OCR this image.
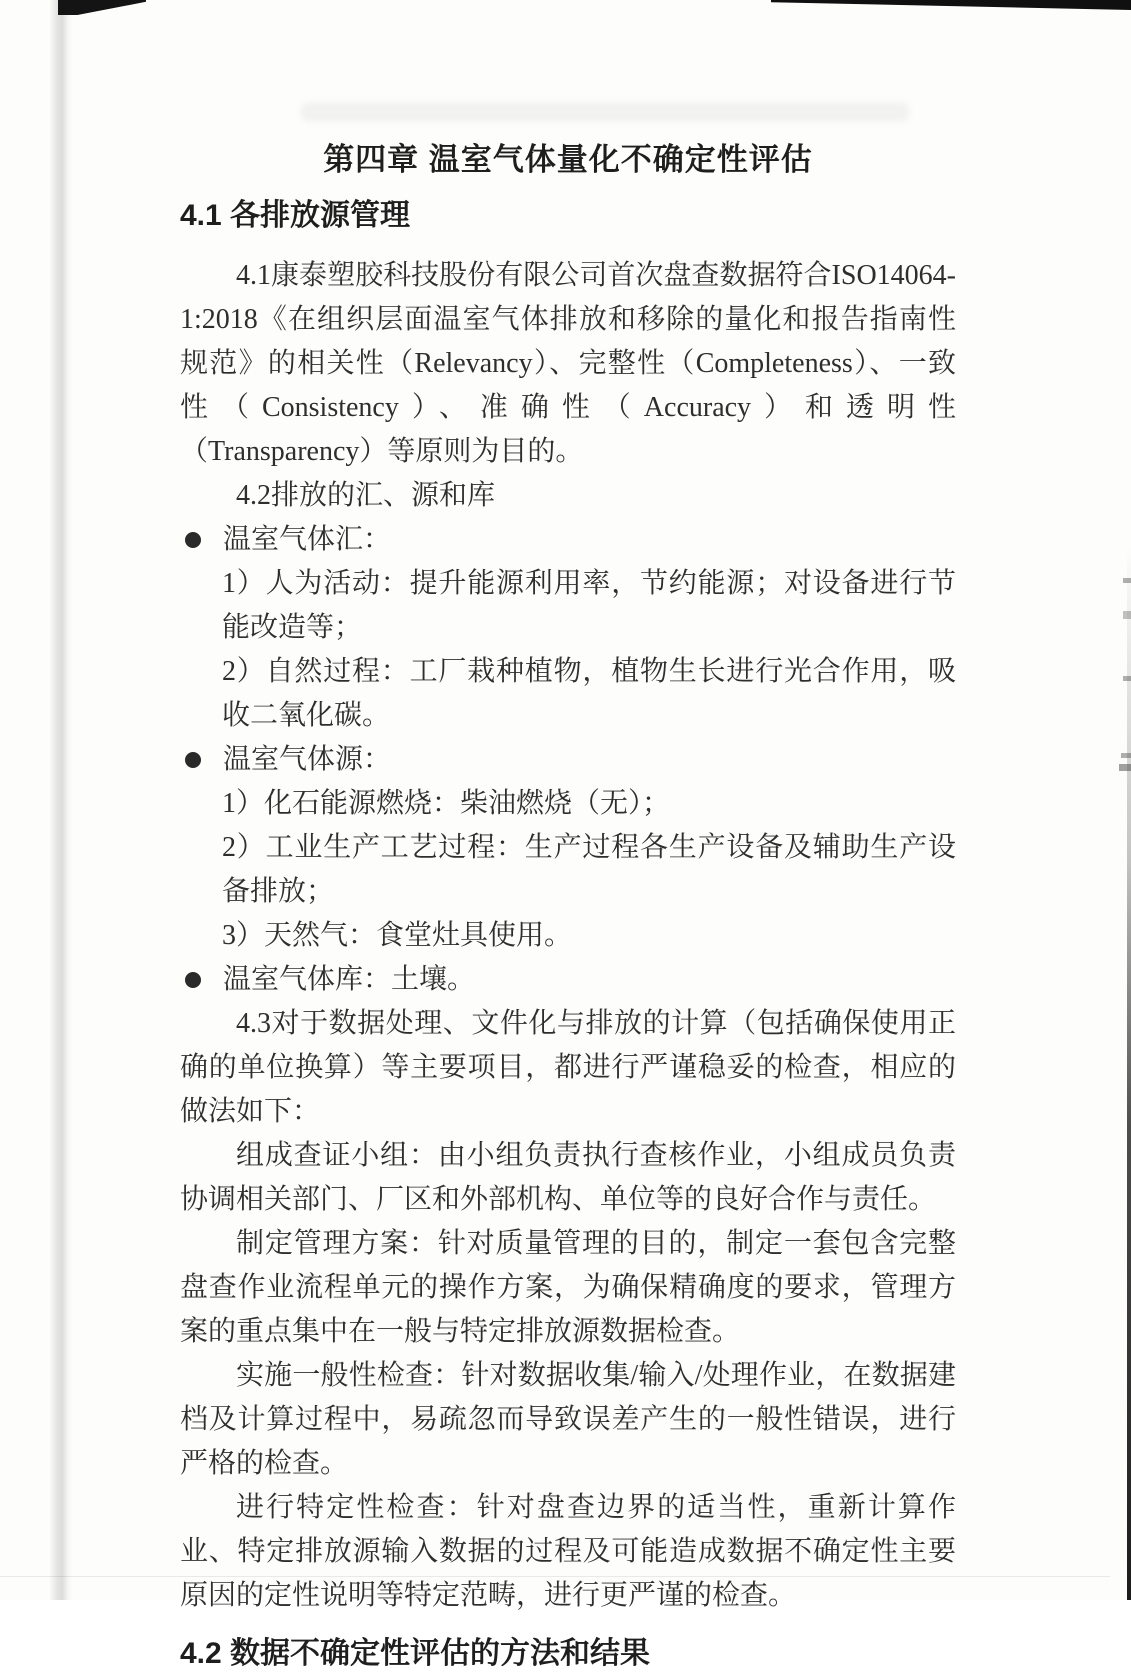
第四章 温室气体量化不确定性评估
4.1 各排放源管理

4.1康泰塑胶科技股份有限公司首次盘查数据符合ISO14064-1:2018《在组织层面温室气体排放和移除的量化和报告指南性规范》的相关性（Relevancy）、完整性（Completeness）、一致性（Consistency）、准确性（Accuracy）和透明性（Transparency）等原则为目的。

4.2排放的汇、源和库

温室气体汇：

1）人为活动：提升能源利用率，节约能源；对设备进行节能改造等；

2）自然过程：工厂栽种植物，植物生长进行光合作用，吸收二氧化碳。

温室气体源：

1）化石能源燃烧：柴油燃烧（无）；

2）工业生产工艺过程：生产过程各生产设备及辅助生产设备排放；

3）天然气：食堂灶具使用。

温室气体库：土壤。

4.3对于数据处理、文件化与排放的计算（包括确保使用正确的单位换算）等主要项目，都进行严谨稳妥的检查，相应的做法如下：

组成查证小组：由小组负责执行查核作业，小组成员负责协调相关部门、厂区和外部机构、单位等的良好合作与责任。

制定管理方案：针对质量管理的目的，制定一套包含完整盘查作业流程单元的操作方案，为确保精确度的要求，管理方案的重点集中在一般与特定排放源数据检查。

实施一般性检查：针对数据收集/输入/处理作业，在数据建档及计算过程中，易疏忽而导致误差产生的一般性错误，进行严格的检查。

进行特定性检查：针对盘查边界的适当性，重新计算作业、特定排放源输入数据的过程及可能造成数据不确定性主要原因的定性说明等特定范畴，进行更严谨的检查。

4.2 数据不确定性评估的方法和结果
